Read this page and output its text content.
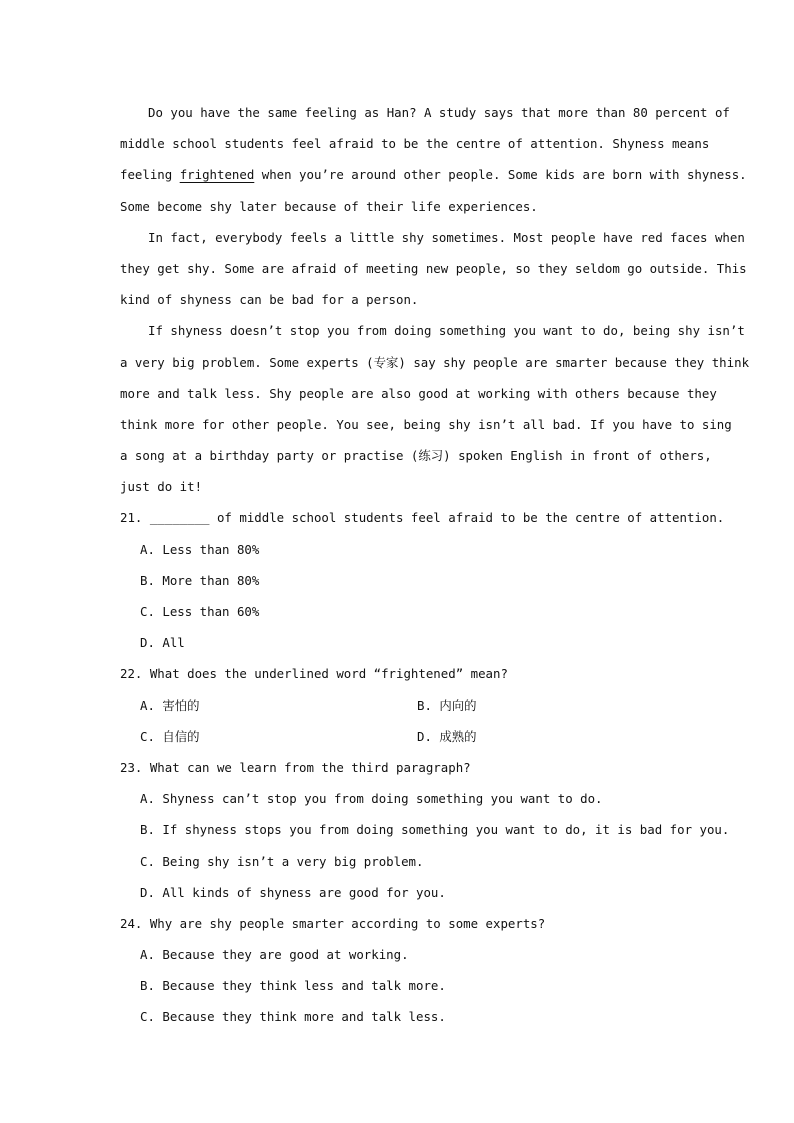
Do you have the same feeling as Han? A study says that more than 80 percent of
middle school students feel afraid to be the centre of attention. Shyness means
feeling frightened when you’re around other people. Some kids are born with shyness.
Some become shy later because of their life experiences.
In fact, everybody feels a little shy sometimes. Most people have red faces when
they get shy. Some are afraid of meeting new people, so they seldom go outside. This
kind of shyness can be bad for a person.
If shyness doesn’t stop you from doing something you want to do, being shy isn’t
a very big problem. Some experts (专家) say shy people are smarter because they think
more and talk less. Shy people are also good at working with others because they
think more for other people. You see, being shy isn’t all bad. If you have to sing
a song at a birthday party or practise (练习) spoken English in front of others,
just do it!
21. ________ of middle school students feel afraid to be the centre of attention.
A. Less than 80%
B. More than 80%
C. Less than 60%
D. All
22. What does the underlined word “frightened” mean?
A. 害怕的	B. 内向的
C. 自信的	D. 成熟的
23. What can we learn from the third paragraph?
A. Shyness can’t stop you from doing something you want to do.
B. If shyness stops you from doing something you want to do, it is bad for you.
C. Being shy isn’t a very big problem.
D. All kinds of shyness are good for you.
24. Why are shy people smarter according to some experts?
A. Because they are good at working.
B. Because they think less and talk more.
C. Because they think more and talk less.
